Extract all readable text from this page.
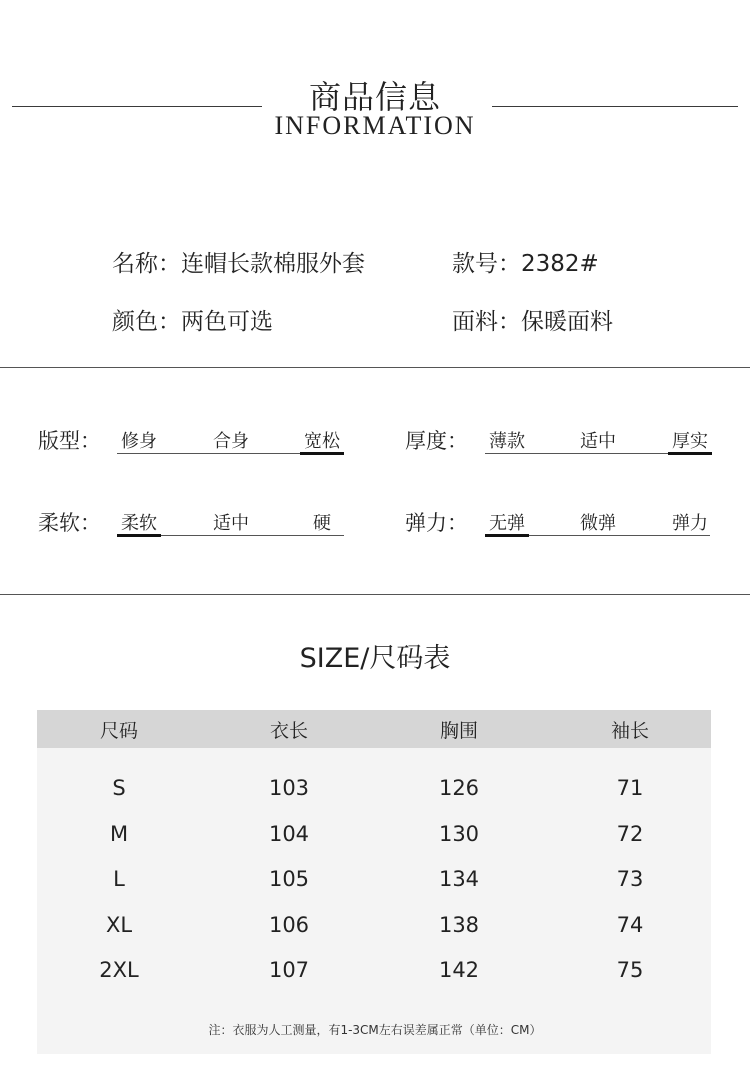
商品信息
INFORMATION
名称：连帽长款棉服外套	款号：2382#
颜色：两色可选	面料：保暖面料
版型： 修身	合身	宽松	厚度： 薄款	适中	厚实
柔软： 柔软	适中	硬	弹力： 无弹	微弹	弹力
SIZE/尺码表
尺码	衣长	胸围	袖长
S	103	126	71
M	104	130	72
L	105	134	73
XL	106	138	74
2XL	107	142	75
注：衣服为人工测量，有1-3CM左右误差属正常（单位：CM）
